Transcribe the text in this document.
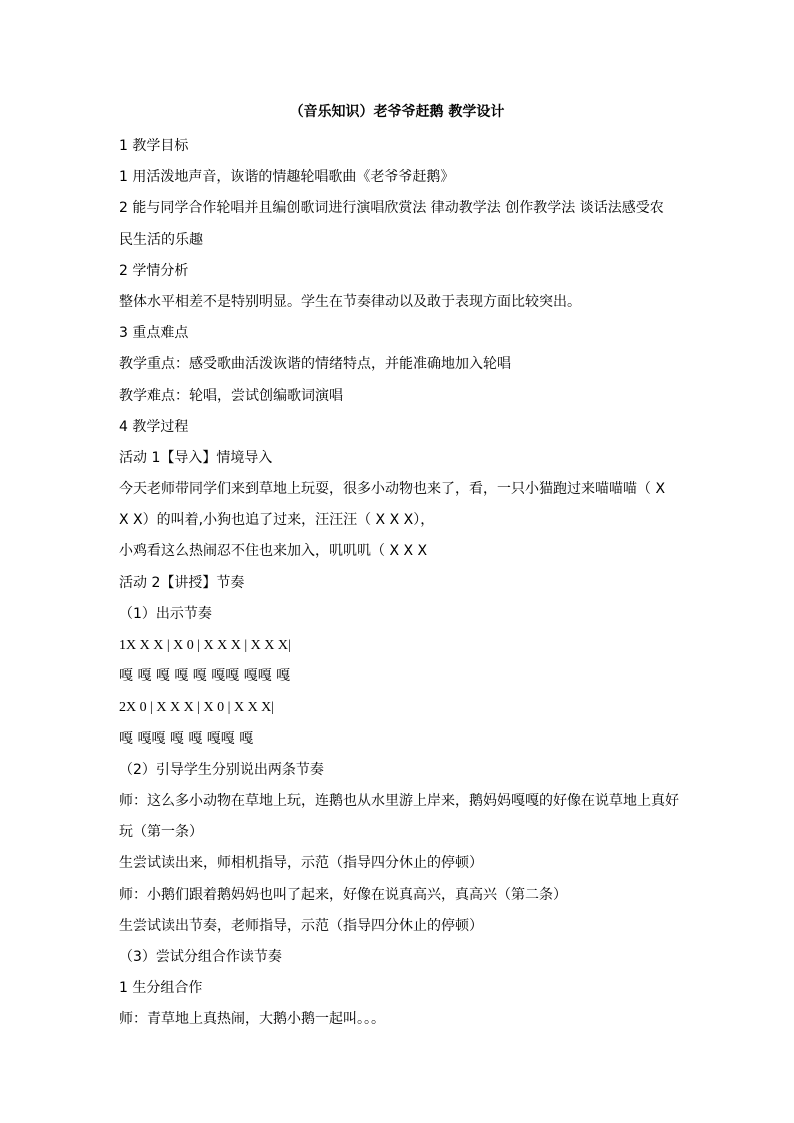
（音乐知识）老爷爷赶鹅 教学设计
1 教学目标
1 用活泼地声音，诙谐的情趣轮唱歌曲《老爷爷赶鹅》
2 能与同学合作轮唱并且编创歌词进行演唱欣赏法 律动教学法 创作教学法 谈话法感受农
民生活的乐趣
2 学情分析
整体水平相差不是特别明显。学生在节奏律动以及敢于表现方面比较突出。
3 重点难点
教学重点：感受歌曲活泼诙谐的情绪特点，并能准确地加入轮唱
教学难点：轮唱，尝试创编歌词演唱
4 教学过程
活动 1【导入】情境导入
今天老师带同学们来到草地上玩耍，很多小动物也来了，看，一只小猫跑过来喵喵喵（ X
X X）的叫着,小狗也追了过来，汪汪汪（ X X X），
小鸡看这么热闹忍不住也来加入，叽叽叽（ X X X
活动 2【讲授】节奏
（1）出示节奏
1X X X | X 0 | X X X | X X X|
嘎 嘎 嘎 嘎 嘎 嘎嘎 嘎嘎 嘎
2X 0 | X X X | X 0 | X X X|
嘎 嘎嘎 嘎 嘎 嘎嘎 嘎
（2）引导学生分别说出两条节奏
师：这么多小动物在草地上玩，连鹅也从水里游上岸来，鹅妈妈嘎嘎的好像在说草地上真好
玩（第一条）
生尝试读出来，师相机指导，示范（指导四分休止的停顿）
师：小鹅们跟着鹅妈妈也叫了起来，好像在说真高兴，真高兴（第二条）
生尝试读出节奏，老师指导，示范（指导四分休止的停顿）
（3）尝试分组合作读节奏
1 生分组合作
师：青草地上真热闹，大鹅小鹅一起叫。。。
